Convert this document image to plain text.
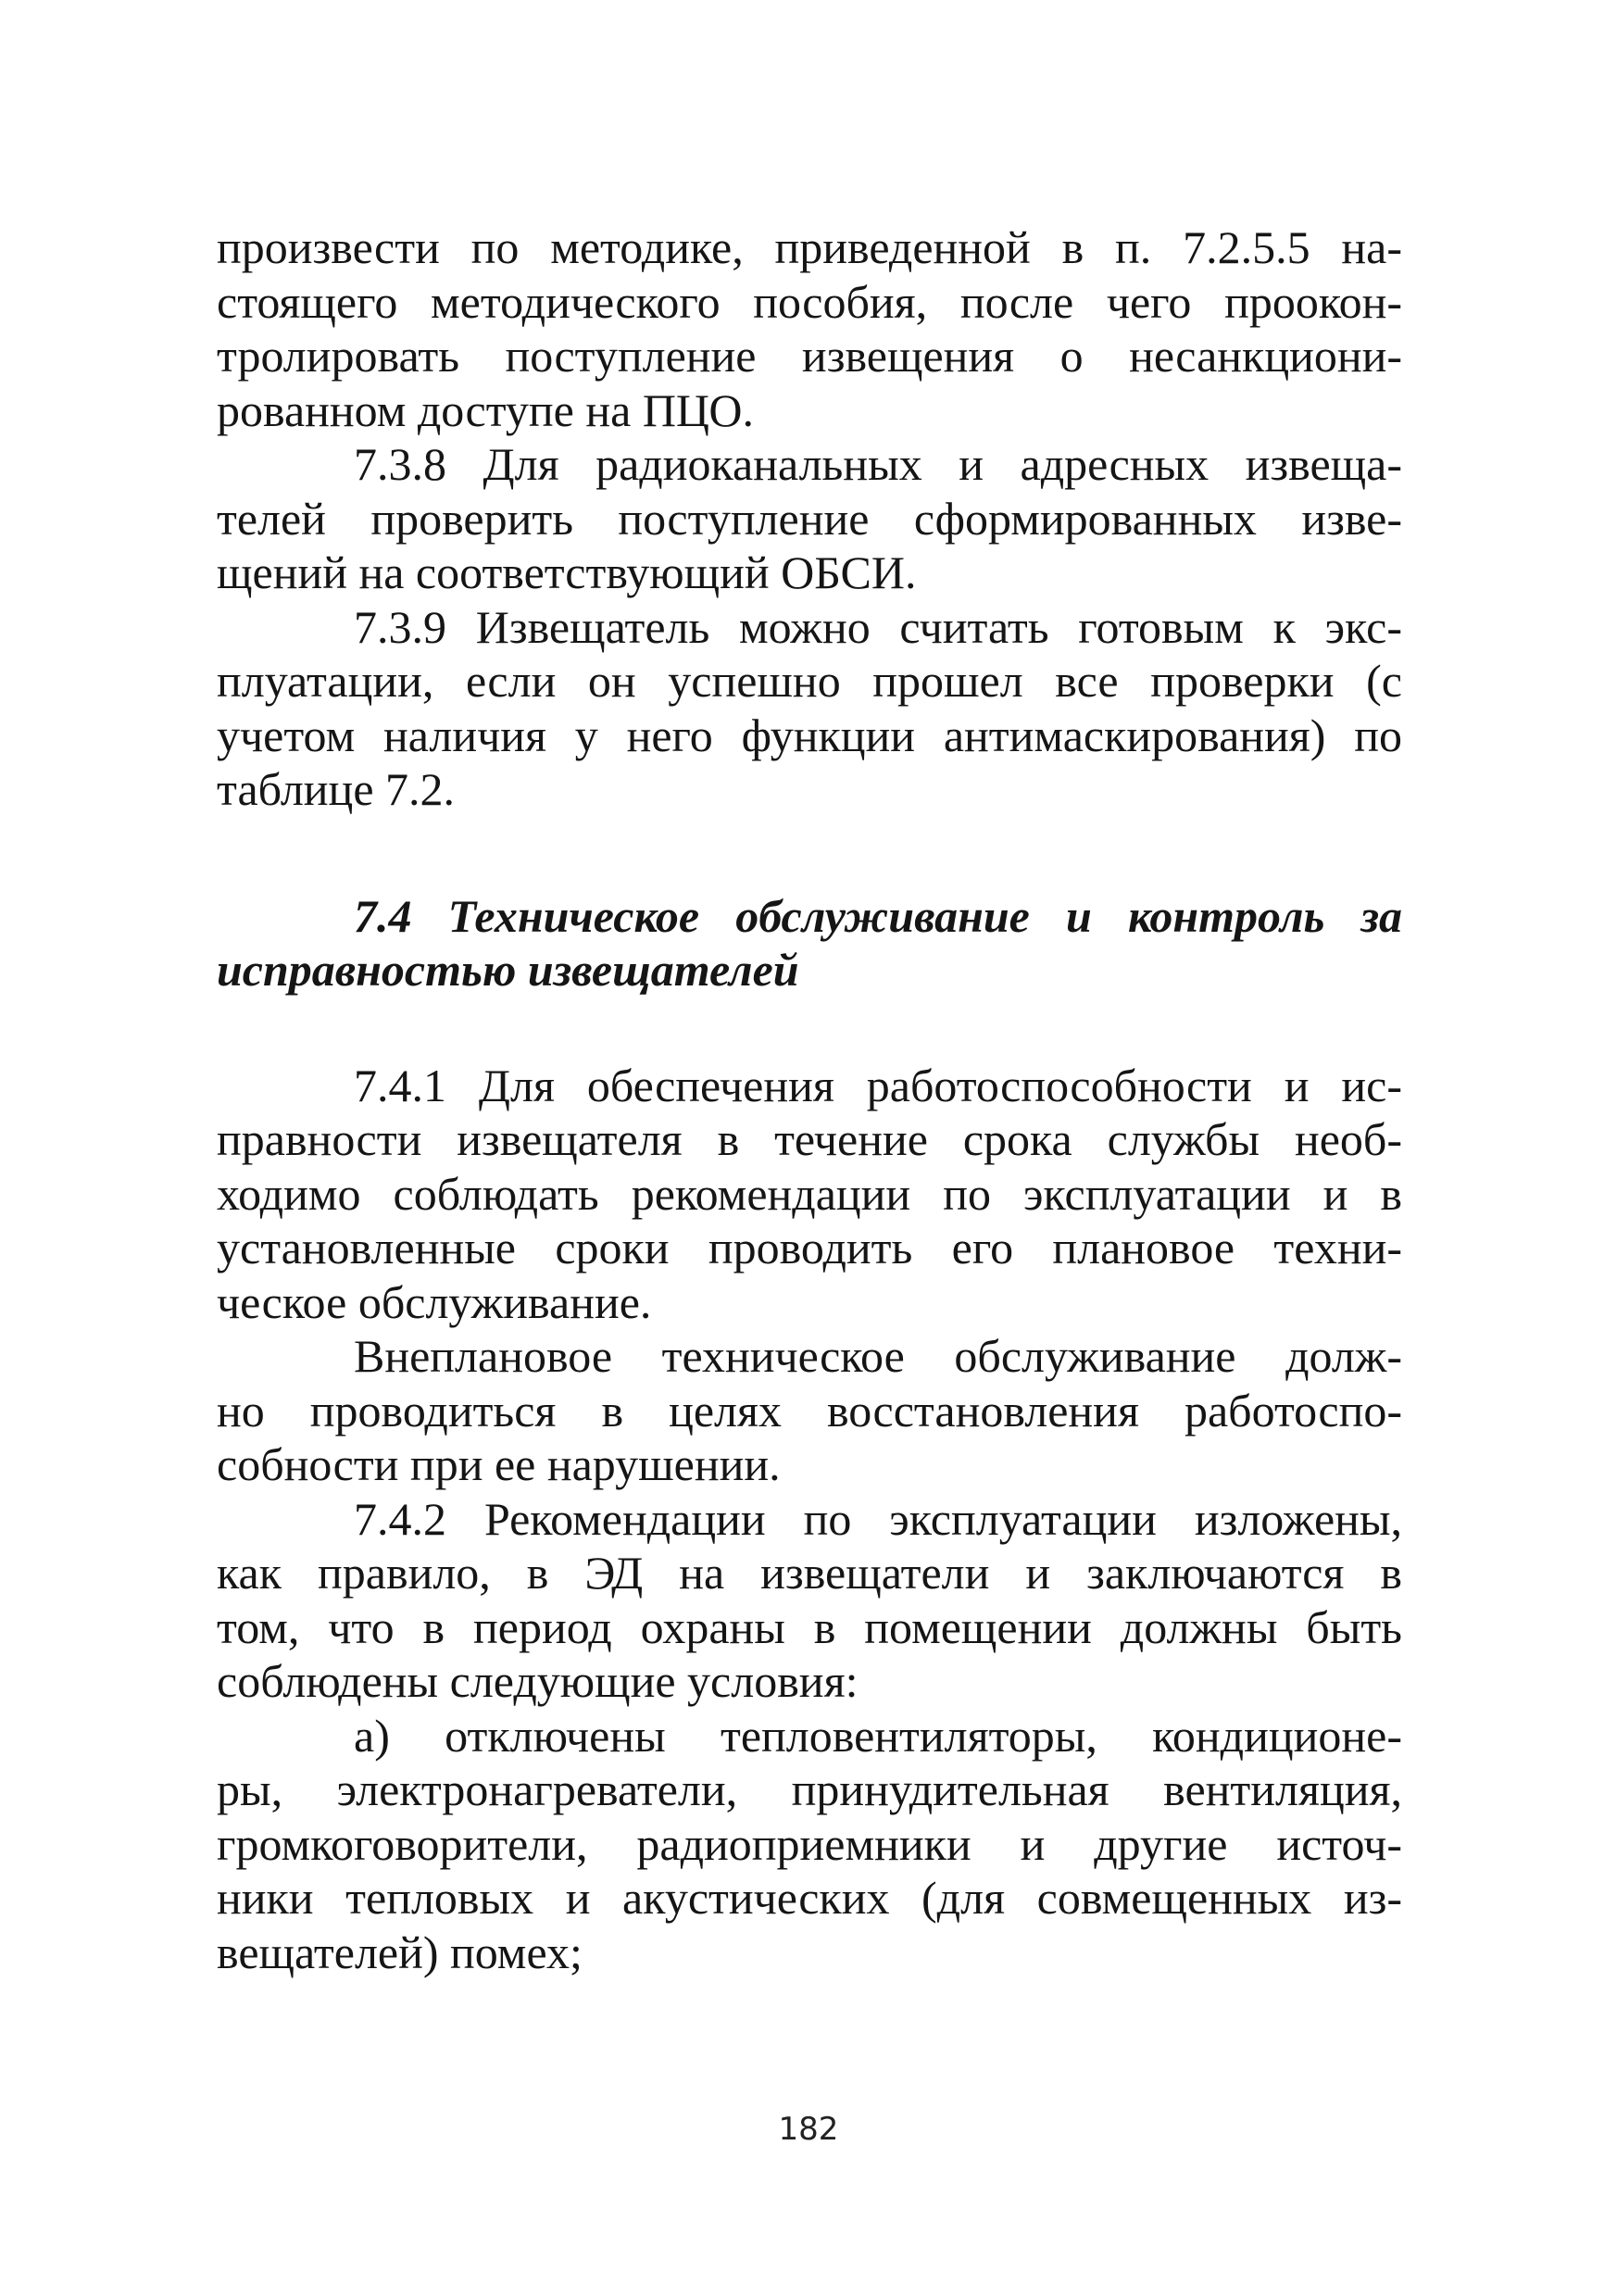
произвести по методике, приведенной в п. 7.2.5.5 на-
стоящего методического пособия, после чего проокон-
тролировать поступление извещения о несанкциони-
рованном доступе на ПЦО.
7.3.8 Для радиоканальных и адресных извеща-
телей проверить поступление сформированных изве-
щений на соответствующий ОБСИ.
7.3.9 Извещатель можно считать готовым к экс-
плуатации, если он успешно прошел все проверки (с
учетом наличия у него функции антимаскирования) по
таблице 7.2.
7.4 Техническое обслуживание и контроль за
исправностью извещателей
7.4.1 Для обеспечения работоспособности и ис-
правности извещателя в течение срока службы необ-
ходимо соблюдать рекомендации по эксплуатации и в
установленные сроки проводить его плановое техни-
ческое обслуживание.
Внеплановое техническое обслуживание долж-
но проводиться в целях восстановления работоспо-
собности при ее нарушении.
7.4.2 Рекомендации по эксплуатации изложены,
как правило, в ЭД на извещатели и заключаются в
том, что в период охраны в помещении должны быть
соблюдены следующие условия:
а) отключены тепловентиляторы, кондиционе-
ры, электронагреватели, принудительная вентиляция,
громкоговорители, радиоприемники и другие источ-
ники тепловых и акустических (для совмещенных из-
вещателей) помех;
182
